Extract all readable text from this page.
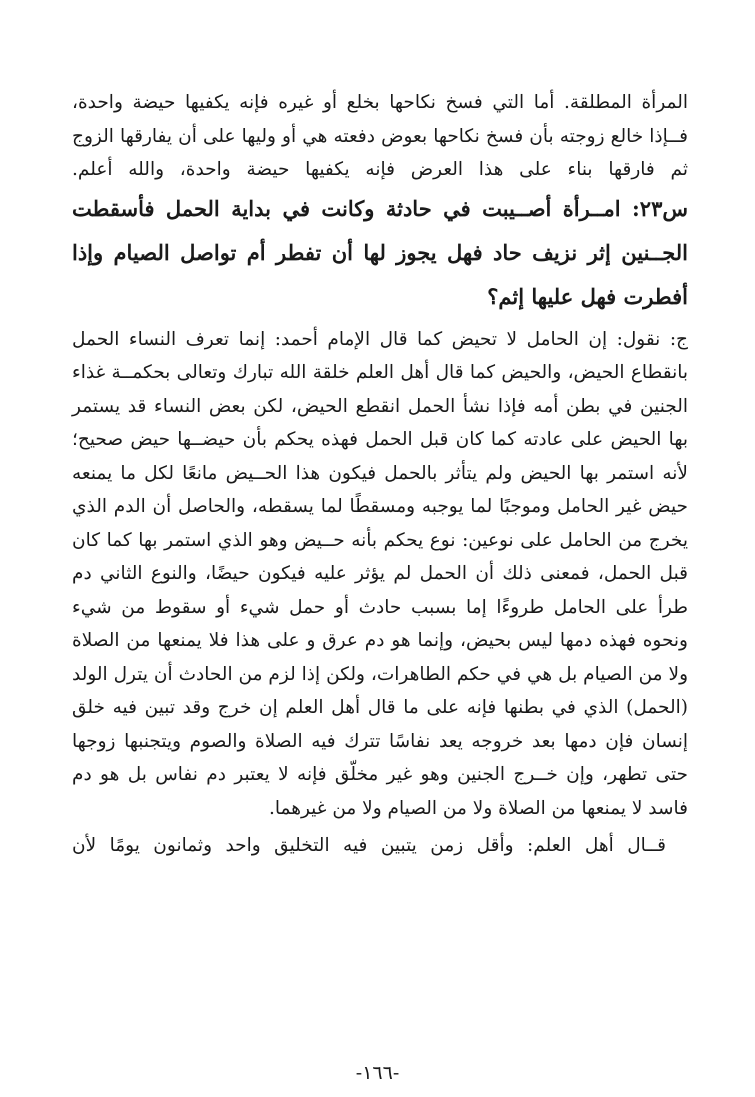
المرأة المطلقة. أما التي فسخ نكاحها بخلع أو غيره فإنه يكفيها حيضة واحدة، فــإذا خالع زوجته بأن فسخ نكاحها بعوض دفعته هي أو وليها على أن يفارقها الزوج ثم فارقها بناء على هذا العرض فإنه يكفيها حيضة واحدة، والله أعلم.

س٢٣: امــرأة أصــيبت في حادثة وكانت في بداية الحمل فأسقطت الجــنين إثر نزيف حاد فهل يجوز لها أن تفطر أم تواصل الصيام وإذا أفطرت فهل عليها إثم؟

ج: نقول: إن الحامل لا تحيض كما قال الإمام أحمد: إنما تعرف النساء الحمل بانقطاع الحيض، والحيض كما قال أهل العلم خلقة الله تبارك وتعالى بحكمــة غذاء الجنين في بطن أمه فإذا نشأ الحمل انقطع الحيض، لكن بعض النساء قد يستمر بها الحيض على عادته كما كان قبل الحمل فهذه يحكم بأن حيضــها حيض صحيح؛ لأنه استمر بها الحيض ولم يتأثر بالحمل فيكون هذا الحــيض مانعًا لكل ما يمنعه حيض غير الحامل وموجبًا لما يوجبه ومسقطًا لما يسقطه، والحاصل أن الدم الذي يخرج من الحامل على نوعين: نوع يحكم بأنه حــيض وهو الذي استمر بها كما كان قبل الحمل، فمعنى ذلك أن الحمل لم يؤثر عليه فيكون حيضًا، والنوع الثاني دم طرأ على الحامل طروءًا إما بسبب حادث أو حمل شيء أو سقوط من شيء ونحوه فهذه دمها ليس بحيض، وإنما هو دم عرق و على هذا فلا يمنعها من الصلاة ولا من الصيام بل هي في حكم الطاهرات، ولكن إذا لزم من الحادث أن يترل الولد (الحمل) الذي في بطنها فإنه على ما قال أهل العلم إن خرج وقد تبين فيه خلق إنسان فإن دمها بعد خروجه يعد نفاسًا تترك فيه الصلاة والصوم ويتجنبها زوجها حتى تطهر، وإن خــرج الجنين وهو غير مخلّق فإنه لا يعتبر دم نفاس بل هو دم فاسد لا يمنعها من الصلاة ولا من الصيام ولا من غيرهما.

قــال أهل العلم: وأقل زمن يتبين فيه التخليق واحد وثمانون يومًا لأن

-١٦٦-
